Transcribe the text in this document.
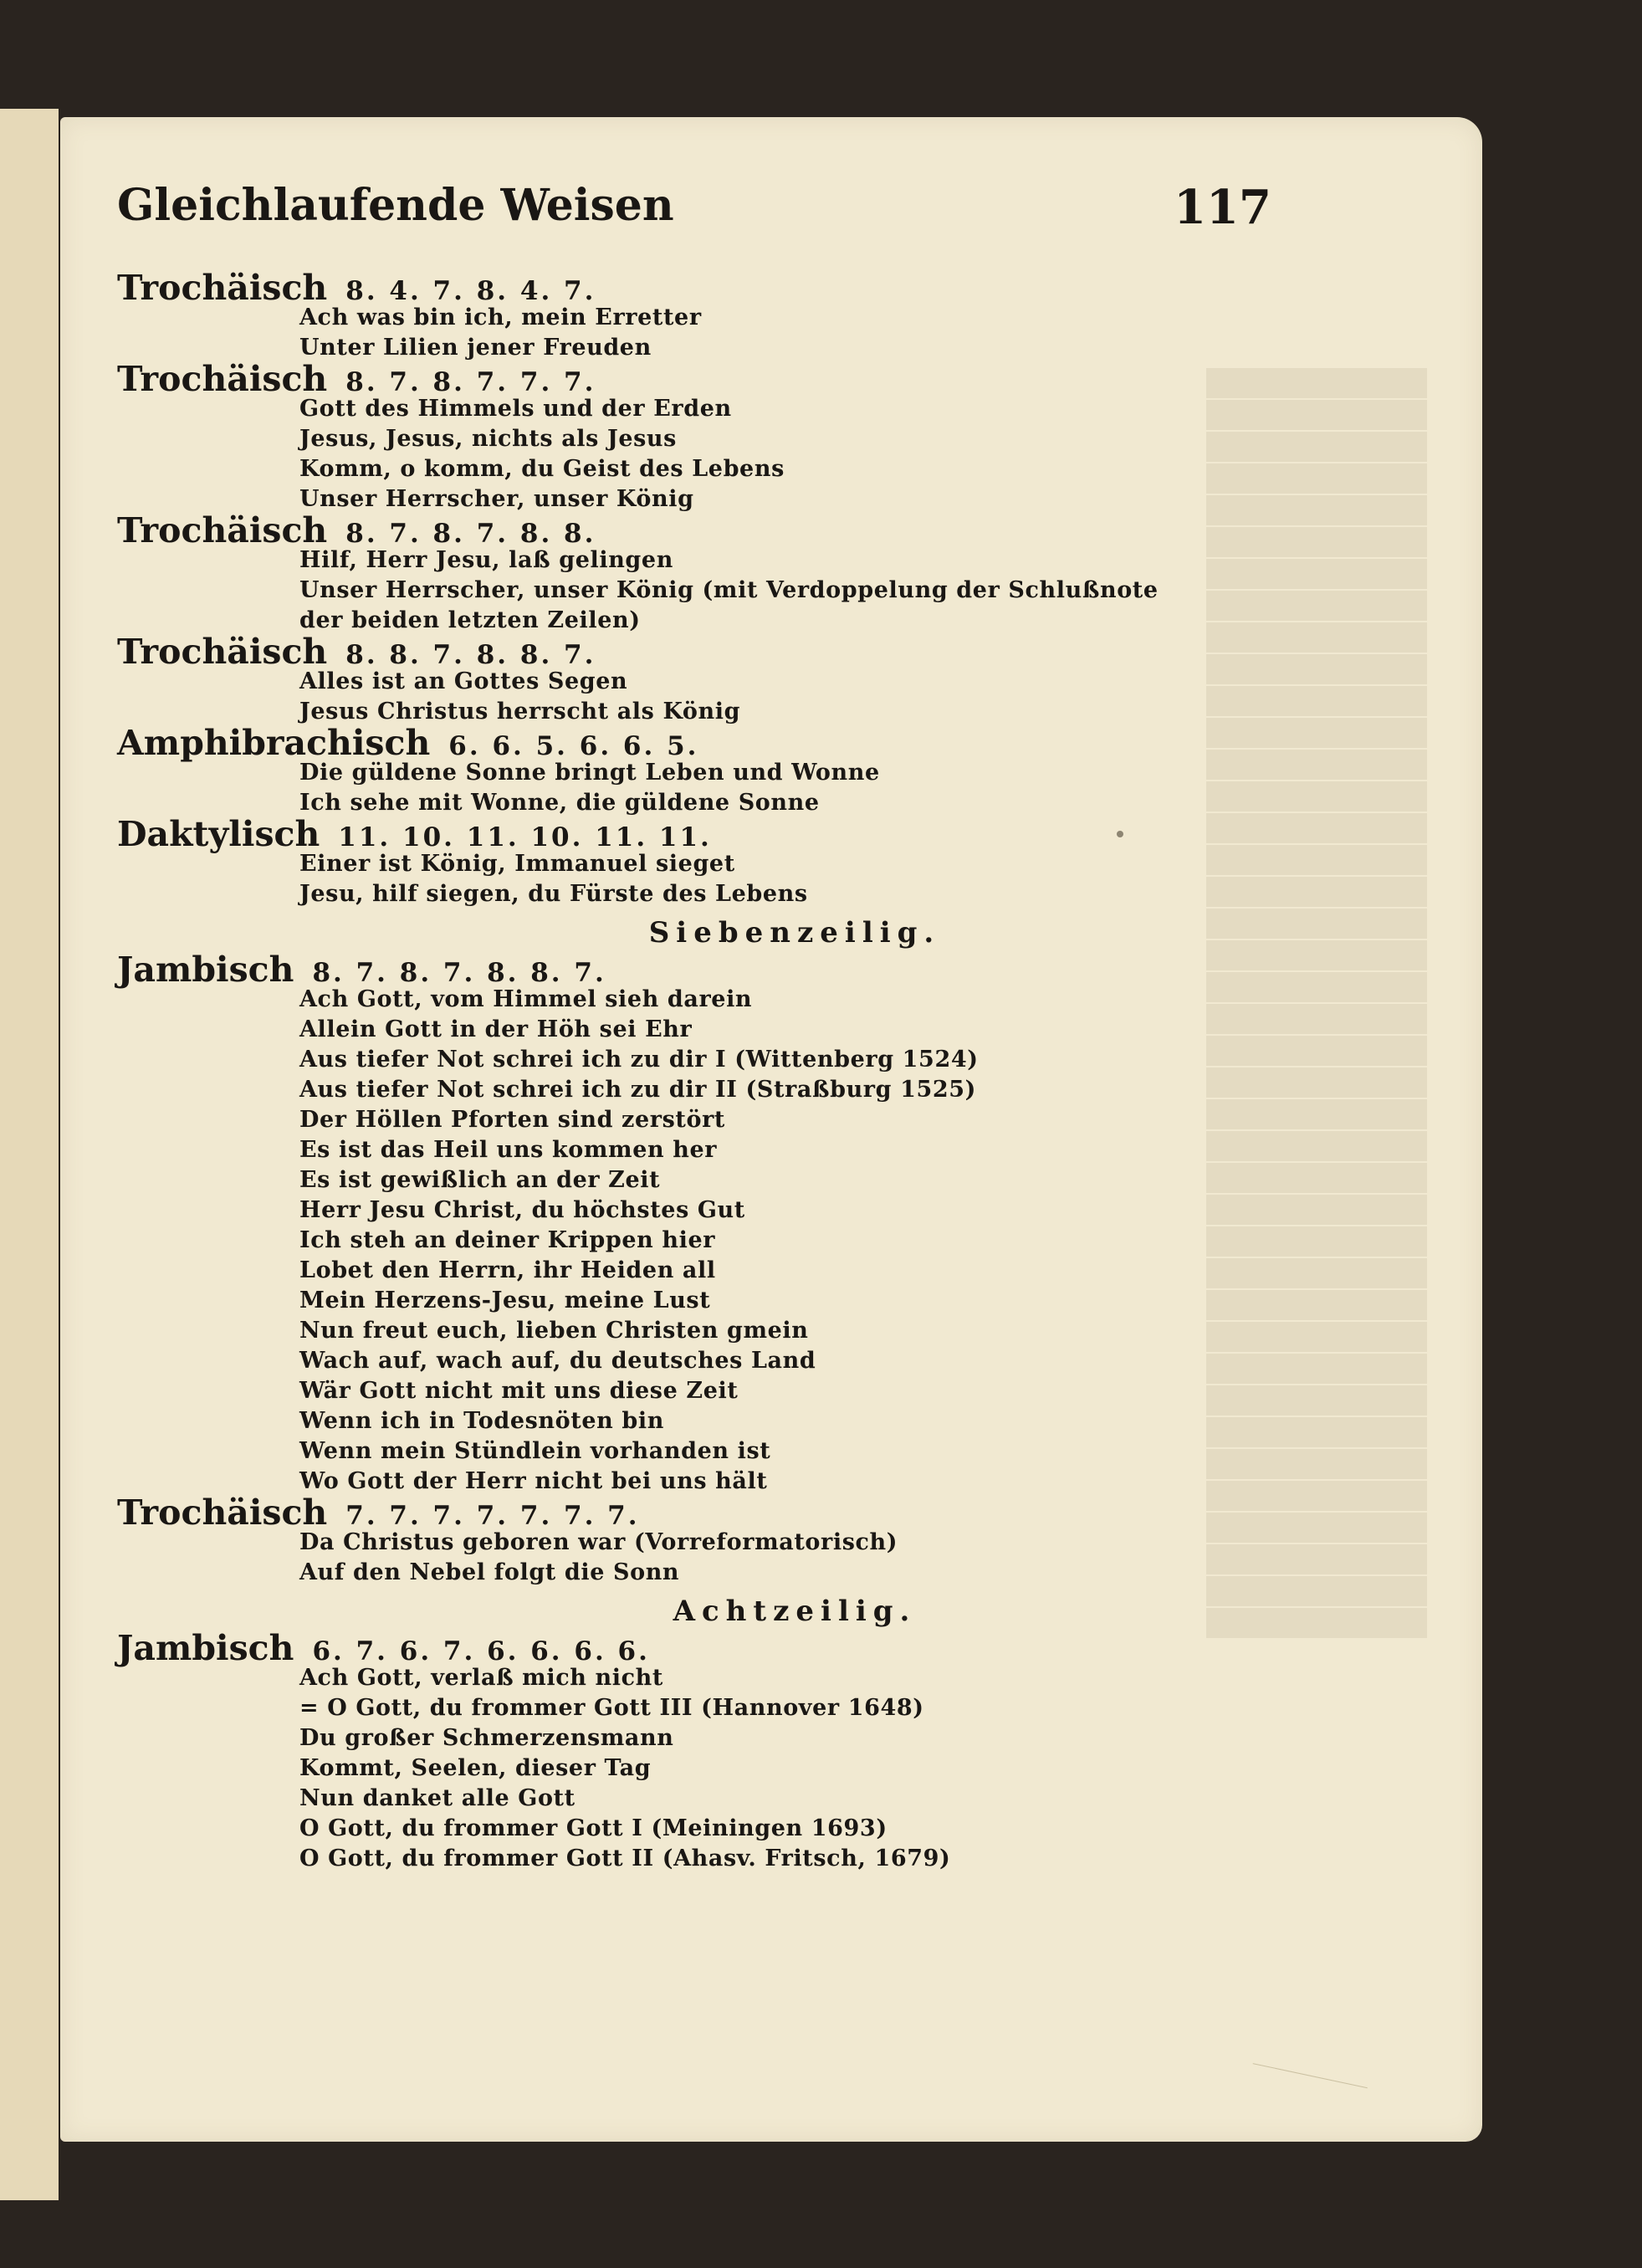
Gleichlaufende Weisen	117
Trochäisch 8. 4. 7. 8. 4. 7.
Ach was bin ich, mein Erretter
Unter Lilien jener Freuden
Trochäisch 8. 7. 8. 7. 7. 7.
Gott des Himmels und der Erden
Jesus, Jesus, nichts als Jesus
Komm, o komm, du Geist des Lebens
Unser Herrscher, unser König
Trochäisch 8. 7. 8. 7. 8. 8.
Hilf, Herr Jesu, laß gelingen
Unser Herrscher, unser König (mit Verdoppelung der Schlußnote
der beiden letzten Zeilen)
Trochäisch 8. 8. 7. 8. 8. 7.
Alles ist an Gottes Segen
Jesus Christus herrscht als König
Amphibrachisch 6. 6. 5. 6. 6. 5.
Die güldene Sonne bringt Leben und Wonne
Ich sehe mit Wonne, die güldene Sonne
Daktylisch 11. 10. 11. 10. 11. 11.
Einer ist König, Immanuel sieget
Jesu, hilf siegen, du Fürste des Lebens
Siebenzeilig.
Jambisch 8. 7. 8. 7. 8. 8. 7.
Ach Gott, vom Himmel sieh darein
Allein Gott in der Höh sei Ehr
Aus tiefer Not schrei ich zu dir I (Wittenberg 1524)
Aus tiefer Not schrei ich zu dir II (Straßburg 1525)
Der Höllen Pforten sind zerstört
Es ist das Heil uns kommen her
Es ist gewißlich an der Zeit
Herr Jesu Christ, du höchstes Gut
Ich steh an deiner Krippen hier
Lobet den Herrn, ihr Heiden all
Mein Herzens-Jesu, meine Lust
Nun freut euch, lieben Christen gmein
Wach auf, wach auf, du deutsches Land
Wär Gott nicht mit uns diese Zeit
Wenn ich in Todesnöten bin
Wenn mein Stündlein vorhanden ist
Wo Gott der Herr nicht bei uns hält
Trochäisch 7. 7. 7. 7. 7. 7. 7.
Da Christus geboren war (Vorreformatorisch)
Auf den Nebel folgt die Sonn
Achtzeilig.
Jambisch 6. 7. 6. 7. 6. 6. 6. 6.
Ach Gott, verlaß mich nicht
= O Gott, du frommer Gott III (Hannover 1648)
Du großer Schmerzensmann
Kommt, Seelen, dieser Tag
Nun danket alle Gott
O Gott, du frommer Gott I (Meiningen 1693)
O Gott, du frommer Gott II (Ahasv. Fritsch, 1679)
